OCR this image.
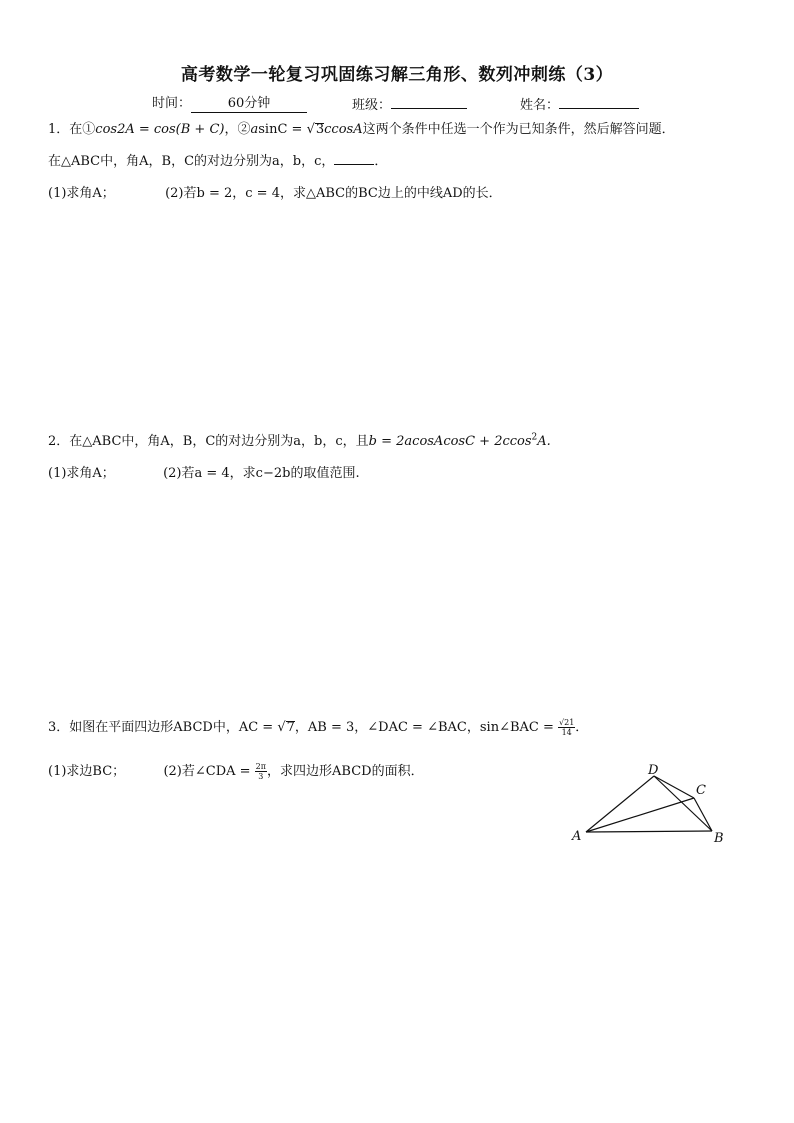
高考数学一轮复习巩固练习解三角形、数列冲刺练（3）
时间：	60分钟	班级：	姓名：
1．在①cos2A = cos(B + C)，②asinC = √3ccosA这两个条件中任选一个作为已知条件，然后解答问题．
在△ABC中，角A，B，C的对边分别为a，b，c，	．
(1)求角A；	(2)若b = 2，c = 4，求△ABC的BC边上的中线AD的长．
2．在△ABC中，角A，B，C的对边分别为a，b，c，且b = 2acosAcosC + 2ccos$^2$A.
(1)求角A；	(2)若a = 4，求c−2b的取值范围.
3．如图在平面四边形ABCD中，AC = √7，AB = 3，∠DAC = ∠BAC，sin∠BAC = $\frac{√21}{14}$ ．
(1)求边BC；	(2)若∠CDA = $\frac{2\pi}{3}$ ，求四边形ABCD的面积．
A	B
C
D
